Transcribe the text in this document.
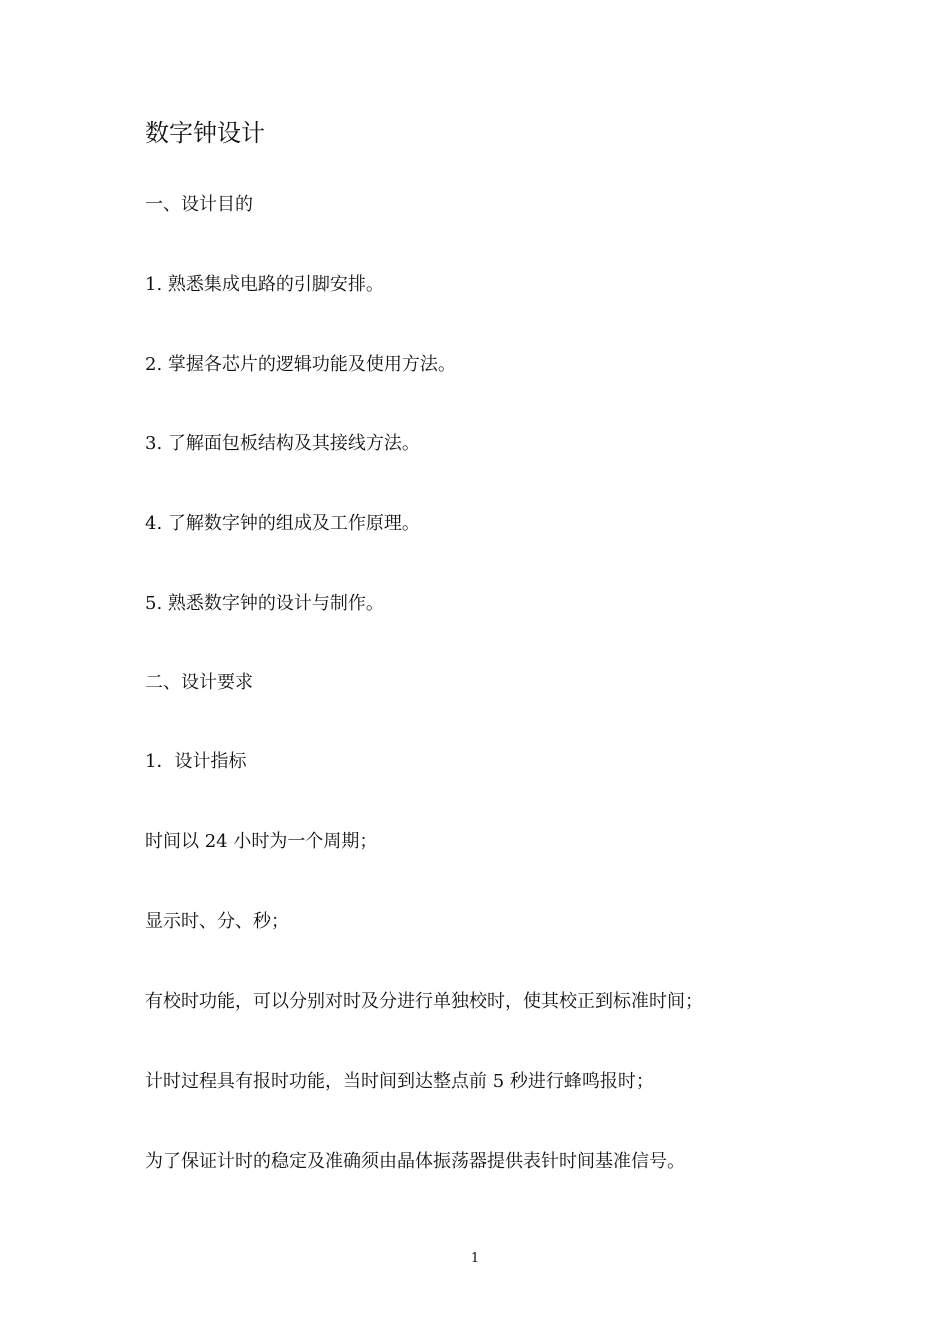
数字钟设计
一、设计目的
1. 熟悉集成电路的引脚安排。
2. 掌握各芯片的逻辑功能及使用方法。
3. 了解面包板结构及其接线方法。
4. 了解数字钟的组成及工作原理。
5. 熟悉数字钟的设计与制作。
二、设计要求
1．设计指标
时间以 24 小时为一个周期；
显示时、分、秒；
有校时功能，可以分别对时及分进行单独校时，使其校正到标准时间；
计时过程具有报时功能，当时间到达整点前 5 秒进行蜂鸣报时；
为了保证计时的稳定及准确须由晶体振荡器提供表针时间基准信号。
1
